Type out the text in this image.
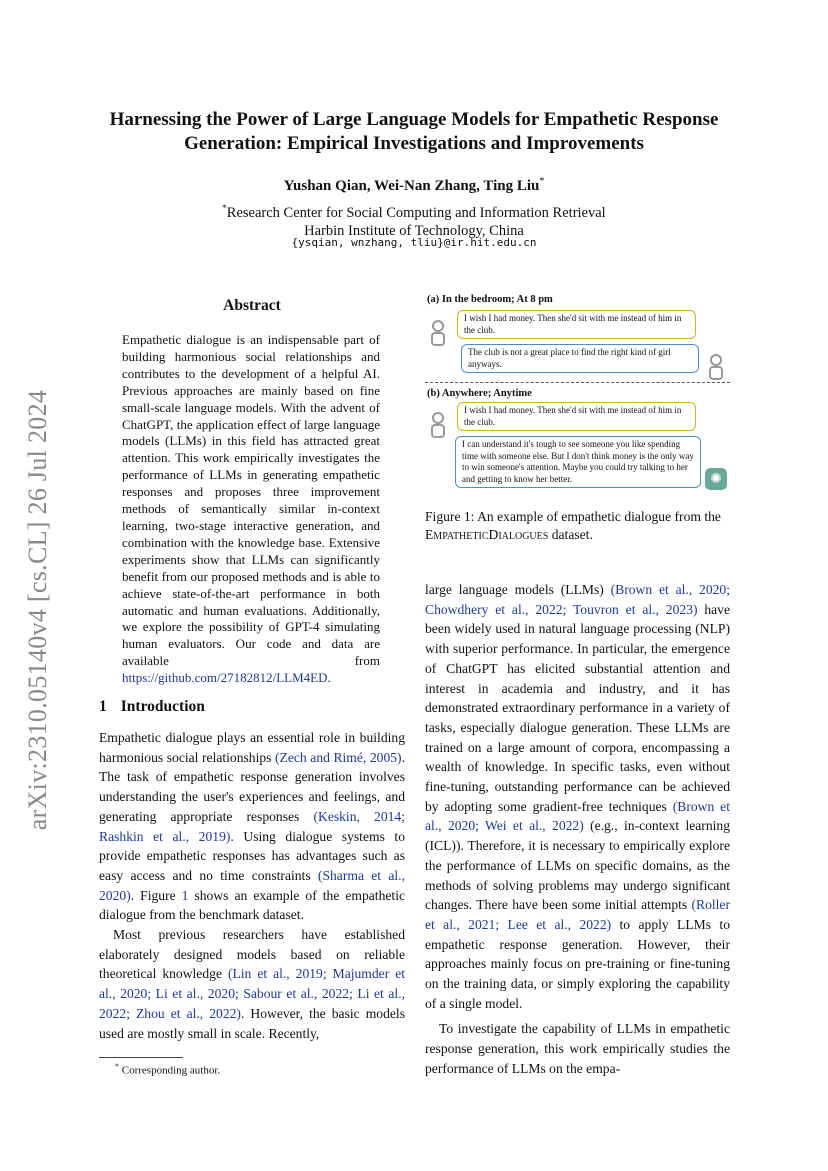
Harnessing the Power of Large Language Models for Empathetic Response Generation: Empirical Investigations and Improvements
Yushan Qian, Wei-Nan Zhang, Ting Liu*
*Research Center for Social Computing and Information Retrieval
Harbin Institute of Technology, China
{ysqian, wnzhang, tliu}@ir.hit.edu.cn
arXiv:2310.05140v4 [cs.CL] 26 Jul 2024
Abstract
Empathetic dialogue is an indispensable part of building harmonious social relationships and contributes to the development of a helpful AI. Previous approaches are mainly based on fine small-scale language models. With the advent of ChatGPT, the application effect of large language models (LLMs) in this field has attracted great attention. This work empirically investigates the performance of LLMs in generating empathetic responses and proposes three improvement methods of semantically similar in-context learning, two-stage interactive generation, and combination with the knowledge base. Extensive experiments show that LLMs can significantly benefit from our proposed methods and is able to achieve state-of-the-art performance in both automatic and human evaluations. Additionally, we explore the possibility of GPT-4 simulating human evaluators. Our code and data are available from https://github.com/27182812/LLM4ED.
1 Introduction

Empathetic dialogue plays an essential role in building harmonious social relationships (Zech and Rimé, 2005). The task of empathetic response generation involves understanding the user's experiences and feelings, and generating appropriate responses (Keskin, 2014; Rashkin et al., 2019). Using dialogue systems to provide empathetic responses has advantages such as easy access and no time constraints (Sharma et al., 2020). Figure 1 shows an example of the empathetic dialogue from the benchmark dataset.

Most previous researchers have established elaborately designed models based on reliable theoretical knowledge (Lin et al., 2019; Majumder et al., 2020; Li et al., 2020; Sabour et al., 2022; Li et al., 2022; Zhou et al., 2022). However, the basic models used are mostly small in scale. Recently,

* Corresponding author.
(a) In the bedroom; At 8 pm
I wish I had money. Then she'd sit with me instead of him in the club.
The club is not a great place to find the right kind of girl anyways.
(b) Anywhere; Anytime
I wish I had money. Then she'd sit with me instead of him in the club.
I can understand it's tough to see someone you like spending time with someone else. But I don't think money is the only way to win someone's attention. Maybe you could try talking to her and getting to know her better.	✺
Figure 1: An example of empathetic dialogue from the EmpatheticDialogues dataset.

large language models (LLMs) (Brown et al., 2020; Chowdhery et al., 2022; Touvron et al., 2023) have been widely used in natural language processing (NLP) with superior performance. In particular, the emergence of ChatGPT has elicited substantial attention and interest in academia and industry, and it has demonstrated extraordinary performance in a variety of tasks, especially dialogue generation. These LLMs are trained on a large amount of corpora, encompassing a wealth of knowledge. In specific tasks, even without fine-tuning, outstanding performance can be achieved by adopting some gradient-free techniques (Brown et al., 2020; Wei et al., 2022) (e.g., in-context learning (ICL)). Therefore, it is necessary to empirically explore the performance of LLMs on specific domains, as the methods of solving problems may undergo significant changes. There have been some initial attempts (Roller et al., 2021; Lee et al., 2022) to apply LLMs to empathetic response generation. However, their approaches mainly focus on pre-training or fine-tuning on the training data, or simply exploring the capability of a single model.

To investigate the capability of LLMs in empathetic response generation, this work empirically studies the performance of LLMs on the empa-
